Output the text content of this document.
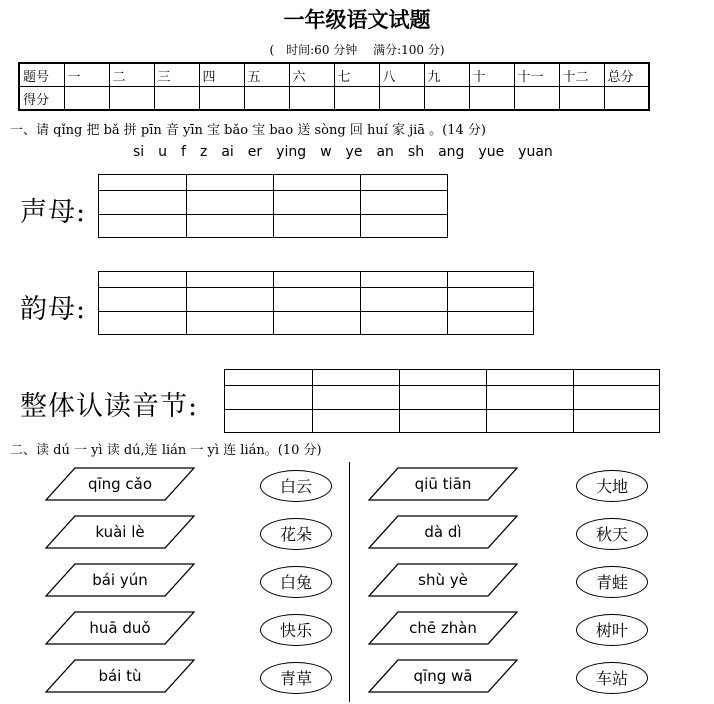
一年级语文试题
(　时间:60 分钟　 满分:100 分)
题号	一	二	三	四	五	六	七	八	九	十	十一	十二	总分
得分													
一、请 qǐng 把 bǎ 拼 pīn 音 yīn 宝 bǎo 宝 bao 送 sòng 回 huí 家 jiā 。(14 分)
si　u　f　z　ai　er　ying　w　ye　an　sh　ang　yue　yuan
声母:
韵母:
整体认读音节:
二、读 dú 一 yì 读 dú,连 lián 一 yì 连 lián。(10 分)
qīng cǎo
kuài lè
bái yún
huā duǒ
bái tù
白云
花朵
白兔
快乐
青草
qiū tiān
dà dì
shù yè
chē zhàn
qīng wā
大地
秋天
青蛙
树叶
车站
